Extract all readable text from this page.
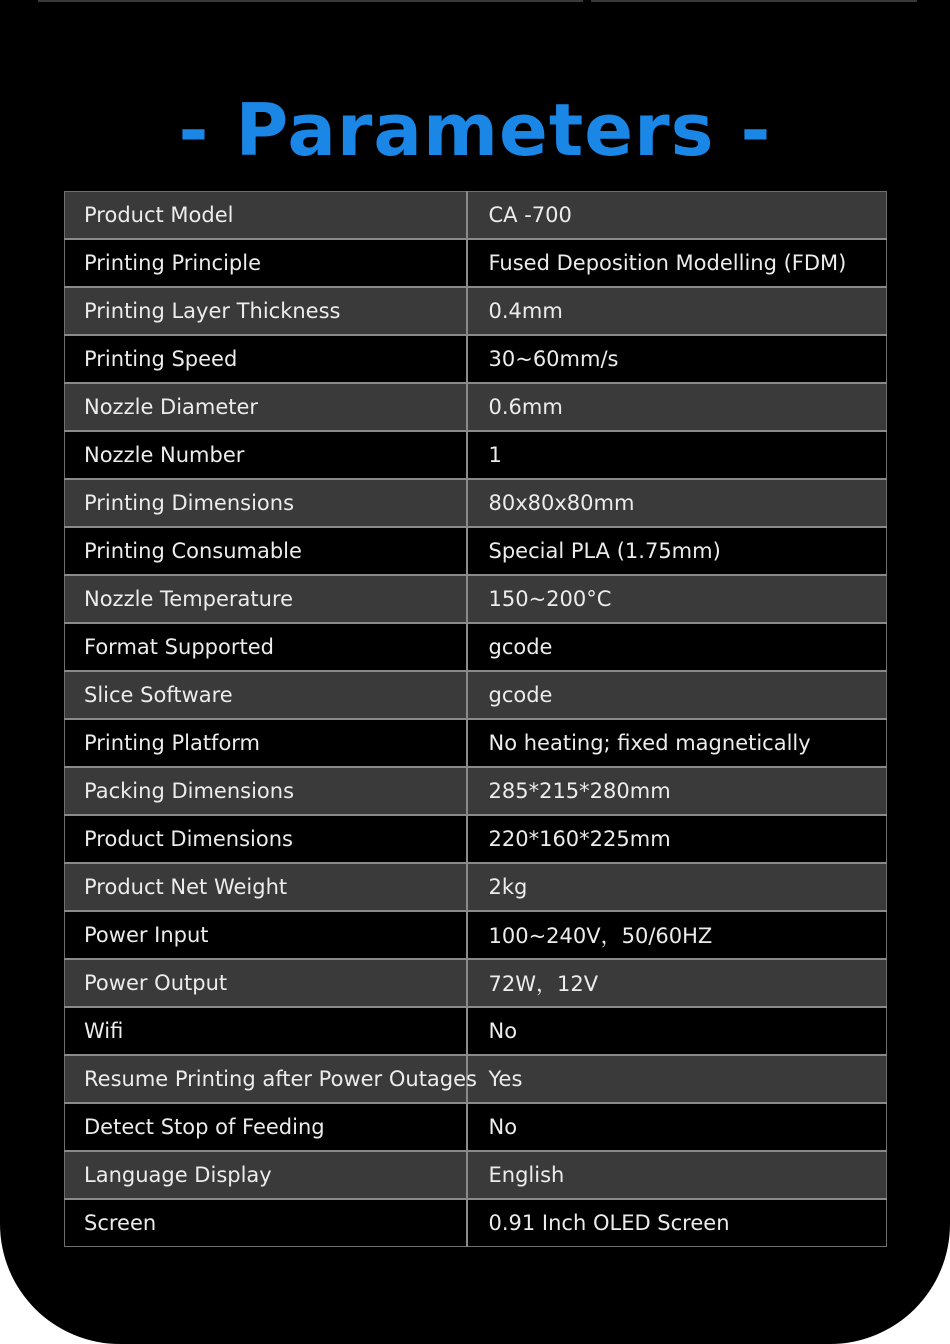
- Parameters -
Product Model	CA -700
Printing Principle	Fused Deposition Modelling (FDM)
Printing Layer Thickness	0.4mm
Printing Speed	30~60mm/s
Nozzle Diameter	0.6mm
Nozzle Number	1
Printing Dimensions	80x80x80mm
Printing Consumable	Special PLA (1.75mm)
Nozzle Temperature	150~200°C
Format Supported	gcode
Slice Software	gcode
Printing Platform	No heating; fixed magnetically
Packing Dimensions	285*215*280mm
Product Dimensions	220*160*225mm
Product Net Weight	2kg
Power Input	100~240V，50/60HZ
Power Output	72W，12V
Wifi	No
Resume Printing after Power Outages	Yes
Detect Stop of Feeding	No
Language Display	English
Screen	0.91 Inch OLED Screen
